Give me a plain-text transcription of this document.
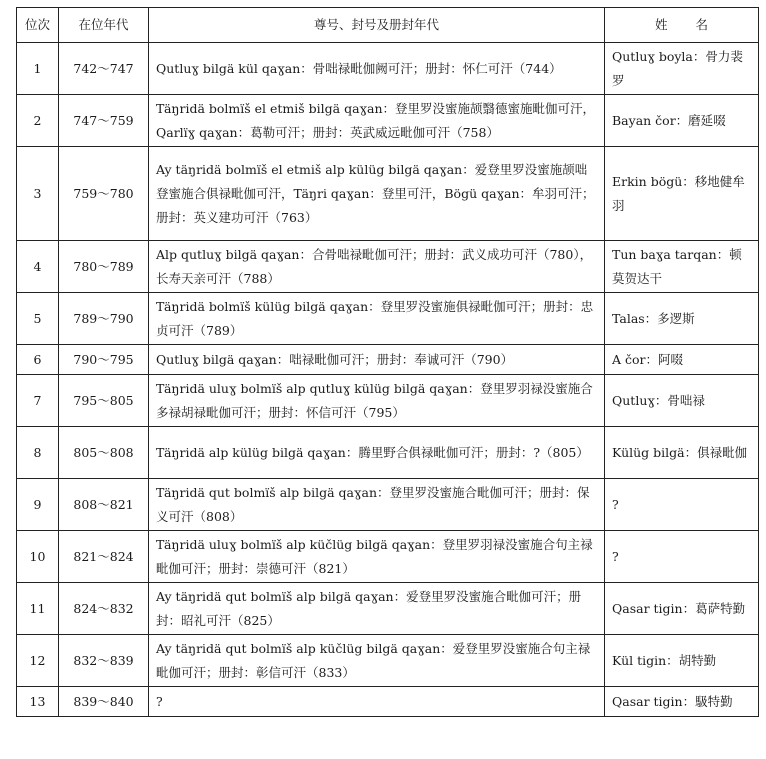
位次	在位年代	尊号、封号及册封年代	姓名
1	742～747	Qutluɣ bilgä kül qaɣan：骨咄禄毗伽阙可汗；册封：怀仁可汗（744）	Qutluɣ boyla：骨力裴罗
2	747～759	Täŋridä bolmïš el etmiš bilgä qaɣan：登里罗没蜜施颉翳德蜜施毗伽可汗，Qarlïɣ qaɣan：葛勒可汗；册封：英武威远毗伽可汗（758）	Bayan čor：磨延啜
3	759～780	Ay täŋridä bolmïš el etmiš alp külüg bilgä qaɣan：爱登里罗没蜜施颉咄登蜜施合俱禄毗伽可汗，Täŋri qaɣan：登里可汗，Bögü qaɣan：牟羽可汗；册封：英义建功可汗（763）	Erkin bögü：移地健牟羽
4	780～789	Alp qutluɣ bilgä qaɣan：合骨咄禄毗伽可汗；册封：武义成功可汗（780），长寿天亲可汗（788）	Tun baɣa tarqan：顿莫贺达干
5	789～790	Täŋridä bolmïš külüg bilgä qaɣan：登里罗没蜜施俱禄毗伽可汗；册封：忠贞可汗（789）	Talas：多逻斯
6	790～795	Qutluɣ bilgä qaɣan：咄禄毗伽可汗；册封：奉诚可汗（790）	A čor：阿啜
7	795～805	Täŋridä uluɣ bolmïš alp qutluɣ külüg bilgä qaɣan：登里罗羽禄没蜜施合多禄胡禄毗伽可汗；册封：怀信可汗（795）	Qutluɣ：骨咄禄
8	805～808	Täŋridä alp külüg bilgä qaɣan：腾里野合俱禄毗伽可汗；册封：?（805）	Külüg bilgä：俱禄毗伽
9	808～821	Täŋridä qut bolmïš alp bilgä qaɣan：登里罗没蜜施合毗伽可汗；册封：保义可汗（808）	?
10	821～824	Täŋridä uluɣ bolmïš alp küčlüg bilgä qaɣan：登里罗羽禄没蜜施合句主禄毗伽可汗；册封：崇德可汗（821）	?
11	824～832	Ay täŋridä qut bolmïš alp bilgä qaɣan：爱登里罗没蜜施合毗伽可汗；册封：昭礼可汗（825）	Qasar tigin：葛萨特勤
12	832～839	Ay täŋridä qut bolmïš alp küčlüg bilgä qaɣan：爱登里罗没蜜施合句主禄毗伽可汗；册封：彰信可汗（833）	Kül tigin：胡特勤
13	839～840	?	Qasar tigin：馺特勤
